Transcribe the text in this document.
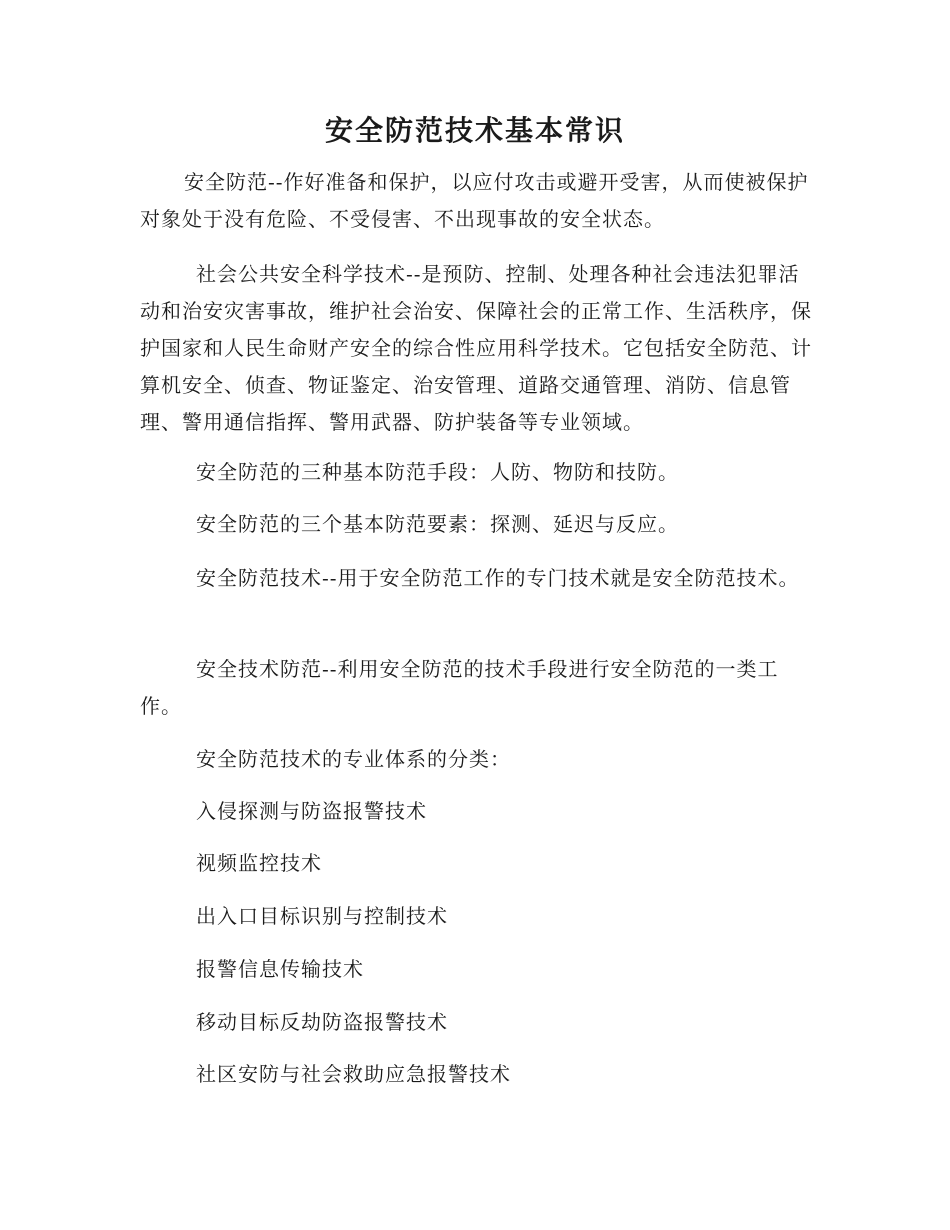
安全防范技术基本常识

安全防范--作好准备和保护，以应付攻击或避开受害，从而使被保护对象处于没有危险、不受侵害、不出现事故的安全状态。

社会公共安全科学技术--是预防、控制、处理各种社会违法犯罪活动和治安灾害事故，维护社会治安、保障社会的正常工作、生活秩序，保护国家和人民生命财产安全的综合性应用科学技术。它包括安全防范、计算机安全、侦查、物证鉴定、治安管理、道路交通管理、消防、信息管理、警用通信指挥、警用武器、防护装备等专业领域。

安全防范的三种基本防范手段：人防、物防和技防。

安全防范的三个基本防范要素：探测、延迟与反应。

安全防范技术--用于安全防范工作的专门技术就是安全防范技术。

安全技术防范--利用安全防范的技术手段进行安全防范的一类工作。

安全防范技术的专业体系的分类：

入侵探测与防盗报警技术

视频监控技术

出入口目标识别与控制技术

报警信息传输技术

移动目标反劫防盗报警技术

社区安防与社会救助应急报警技术
